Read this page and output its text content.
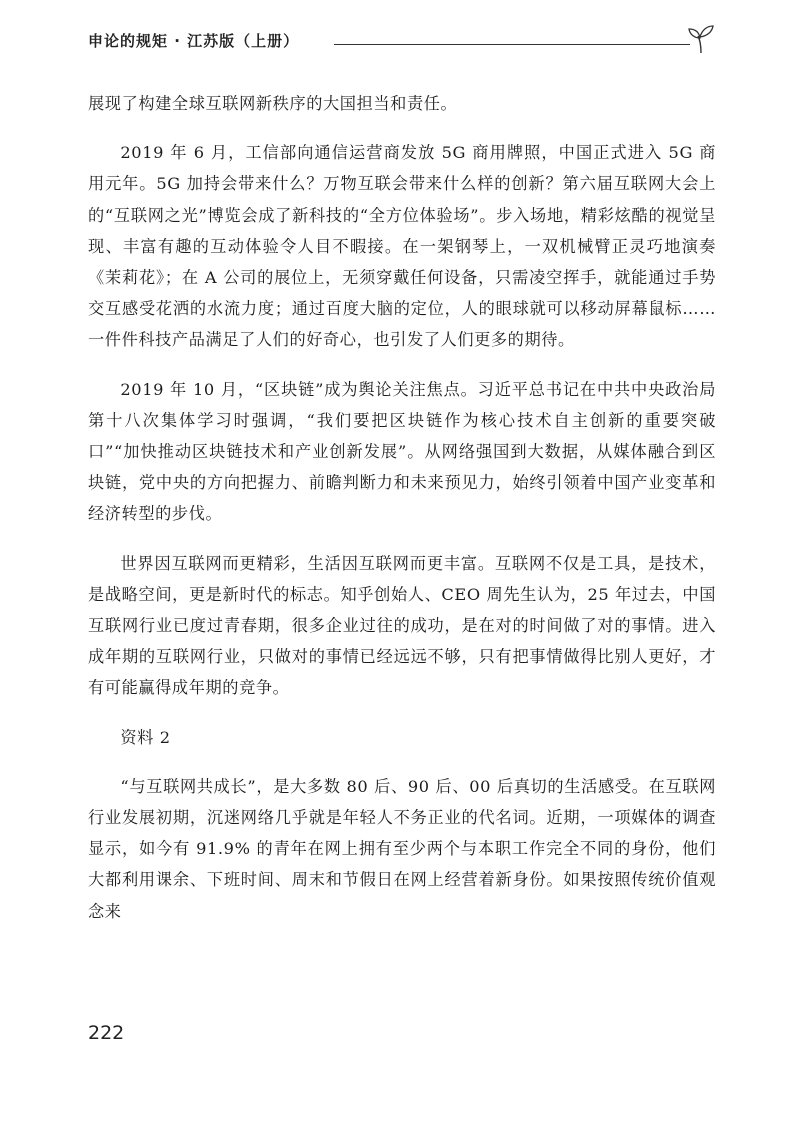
申论的规矩 · 江苏版（上册）

展现了构建全球互联网新秩序的大国担当和责任。

2019 年 6 月，工信部向通信运营商发放 5G 商用牌照，中国正式进入 5G 商用元年。5G 加持会带来什么？万物互联会带来什么样的创新？第六届互联网大会上的“互联网之光”博览会成了新科技的“全方位体验场”。步入场地，精彩炫酷的视觉呈现、丰富有趣的互动体验令人目不暇接。在一架钢琴上，一双机械臂正灵巧地演奏《茉莉花》；在 A 公司的展位上，无须穿戴任何设备，只需凌空挥手，就能通过手势交互感受花洒的水流力度；通过百度大脑的定位，人的眼球就可以移动屏幕鼠标……一件件科技产品满足了人们的好奇心，也引发了人们更多的期待。

2019 年 10 月，“区块链”成为舆论关注焦点。习近平总书记在中共中央政治局第十八次集体学习时强调，“我们要把区块链作为核心技术自主创新的重要突破口”“加快推动区块链技术和产业创新发展”。从网络强国到大数据，从媒体融合到区块链，党中央的方向把握力、前瞻判断力和未来预见力，始终引领着中国产业变革和经济转型的步伐。

世界因互联网而更精彩，生活因互联网而更丰富。互联网不仅是工具，是技术，是战略空间，更是新时代的标志。知乎创始人、CEO 周先生认为，25 年过去，中国互联网行业已度过青春期，很多企业过往的成功，是在对的时间做了对的事情。进入成年期的互联网行业，只做对的事情已经远远不够，只有把事情做得比别人更好，才有可能赢得成年期的竞争。

资料 2

“与互联网共成长”，是大多数 80 后、90 后、00 后真切的生活感受。在互联网行业发展初期，沉迷网络几乎就是年轻人不务正业的代名词。近期，一项媒体的调查显示，如今有 91.9% 的青年在网上拥有至少两个与本职工作完全不同的身份，他们大都利用课余、下班时间、周末和节假日在网上经营着新身份。如果按照传统价值观念来

222
